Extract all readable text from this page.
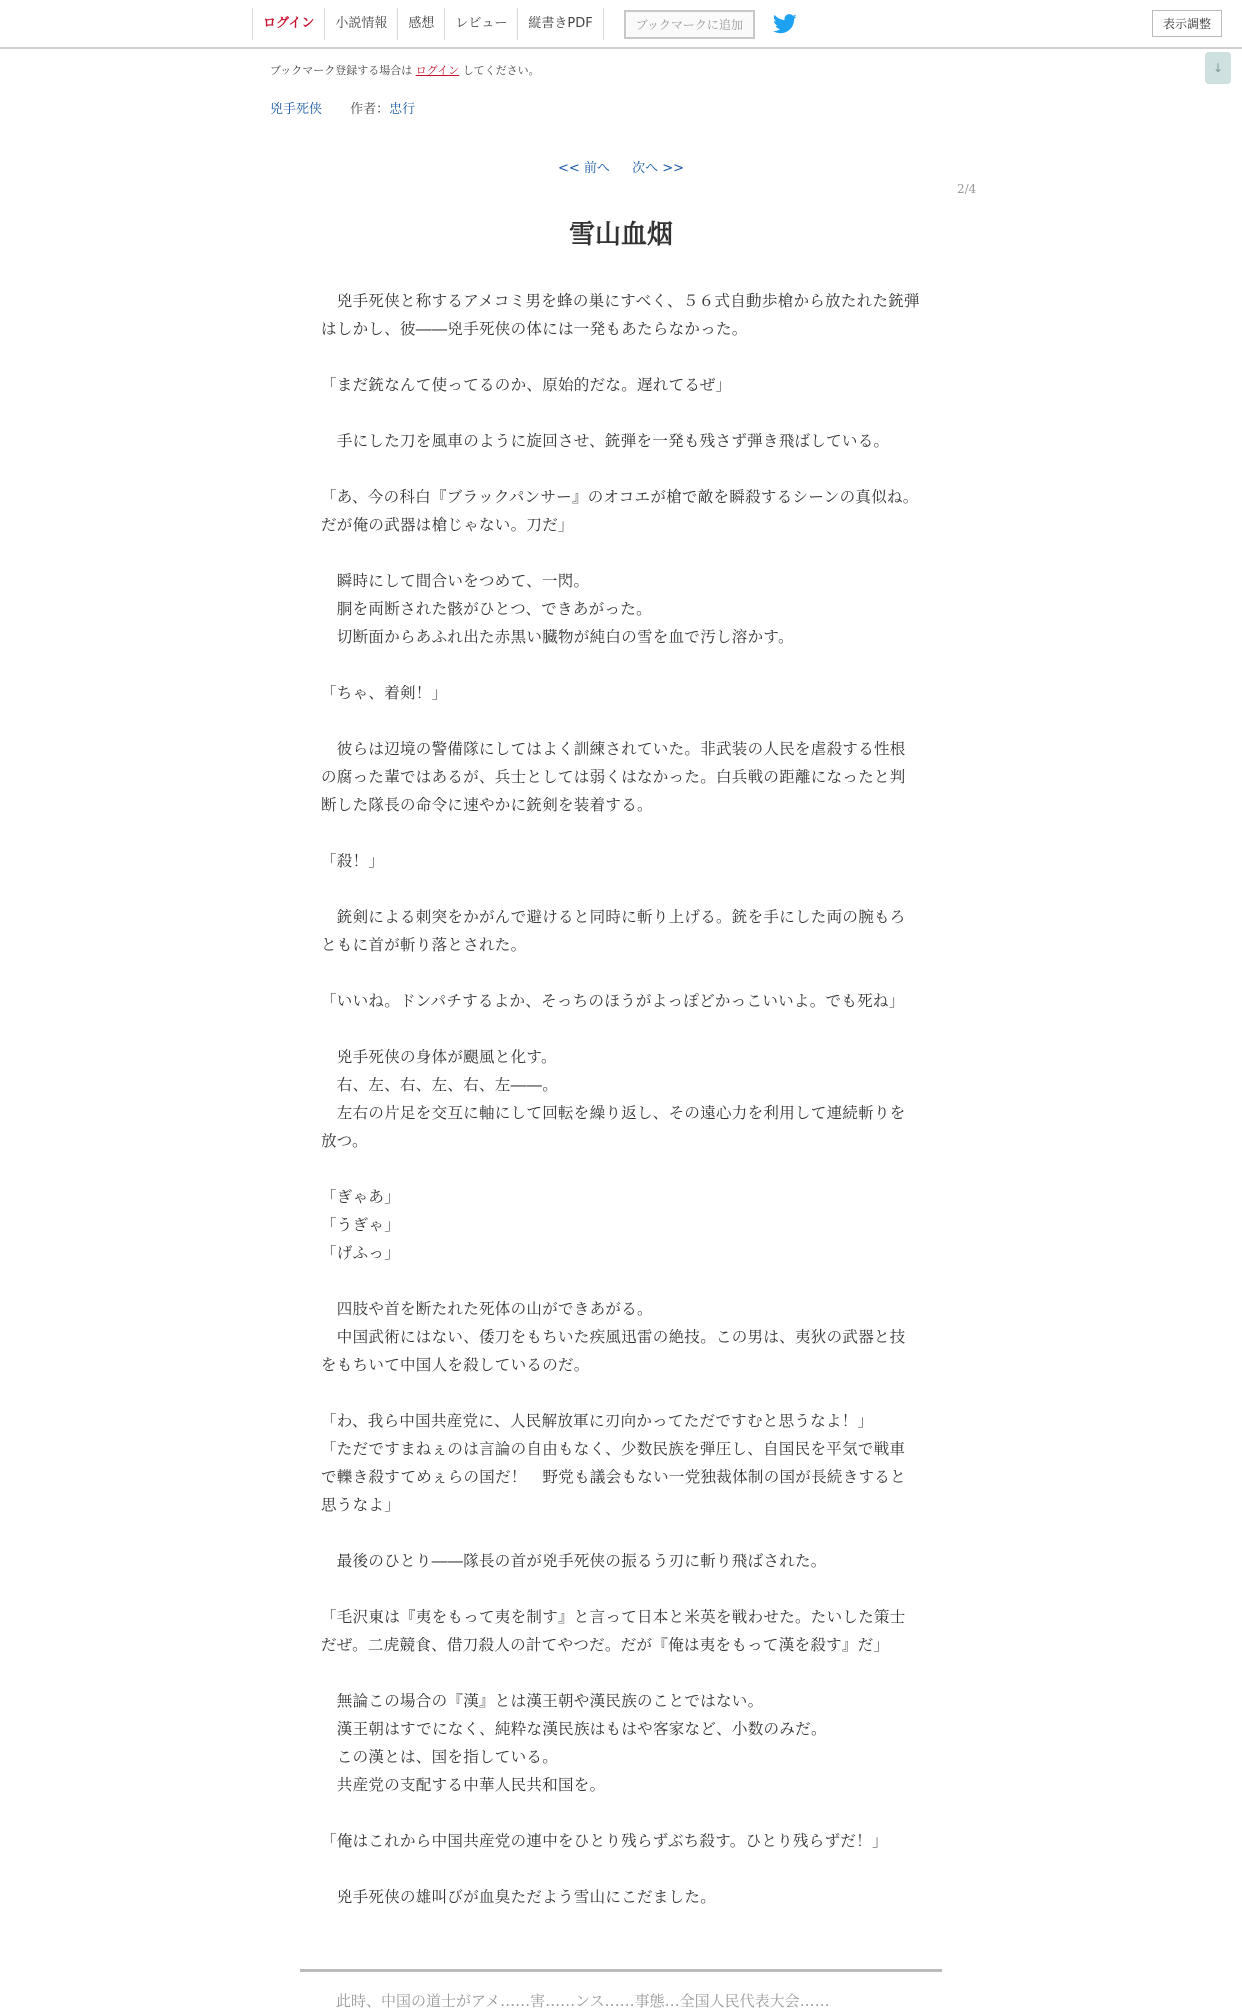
ログイン	小説情報	感想	レビュー	縦書きPDF	ブックマークに追加	表示調整
↓
ブックマーク登録する場合は ログイン してください。
兇手死侠 作者：忠行
<< 前へ 次へ >>
2/4
雪山血烟

　兇手死侠と称するアメコミ男を蜂の巣にすべく、５６式自動歩槍から放たれた銃弾はしかし、彼――兇手死侠の体には一発もあたらなかった。

「まだ銃なんて使ってるのか、原始的だな。遅れてるぜ」

　手にした刀を風車のように旋回させ、銃弾を一発も残さず弾き飛ばしている。

「あ、今の科白『ブラックパンサー』のオコエが槍で敵を瞬殺するシーンの真似ね。だが俺の武器は槍じゃない。刀だ」

　瞬時にして間合いをつめて、一閃。

　胴を両断された骸がひとつ、できあがった。

　切断面からあふれ出た赤黒い臓物が純白の雪を血で汚し溶かす。

「ちゃ、着剣！」

　彼らは辺境の警備隊にしてはよく訓練されていた。非武装の人民を虐殺する性根の腐った輩ではあるが、兵士としては弱くはなかった。白兵戦の距離になったと判断した隊長の命令に速やかに銃剣を装着する。

「殺！」

　銃剣による刺突をかがんで避けると同時に斬り上げる。銃を手にした両の腕もろともに首が斬り落とされた。

「いいね。ドンパチするよか、そっちのほうがよっぽどかっこいいよ。でも死ね」

　兇手死侠の身体が颶風と化す。

　右、左、右、左、右、左――。

　左右の片足を交互に軸にして回転を繰り返し、その遠心力を利用して連続斬りを放つ。

「ぎゃあ」

「うぎゃ」

「げふっ」

　四肢や首を断たれた死体の山ができあがる。

　中国武術にはない、倭刀をもちいた疾風迅雷の絶技。この男は、夷狄の武器と技をもちいて中国人を殺しているのだ。

「わ、我ら中国共産党に、人民解放軍に刃向かってただですむと思うなよ！」

「ただですまねぇのは言論の自由もなく、少数民族を弾圧し、自国民を平気で戦車で轢き殺すてめぇらの国だ！　野党も議会もない一党独裁体制の国が長続きすると思うなよ」

　最後のひとり――隊長の首が兇手死侠の振るう刃に斬り飛ばされた。

「毛沢東は『夷をもって夷を制す』と言って日本と米英を戦わせた。たいした策士だぜ。二虎競食、借刀殺人の計てやつだ。だが『俺は夷をもって漢を殺す』だ」

　無論この場合の『漢』とは漢王朝や漢民族のことではない。

　漢王朝はすでになく、純粋な漢民族はもはや客家など、小数のみだ。

　この漢とは、国を指している。

　共産党の支配する中華人民共和国を。

「俺はこれから中国共産党の連中をひとり残らずぶち殺す。ひとり残らずだ！」

　兇手死侠の雄叫びが血臭ただよう雪山にこだました。

　此時、中国の道士がアメ……害……ンス……事態…全国人民代表大会……
